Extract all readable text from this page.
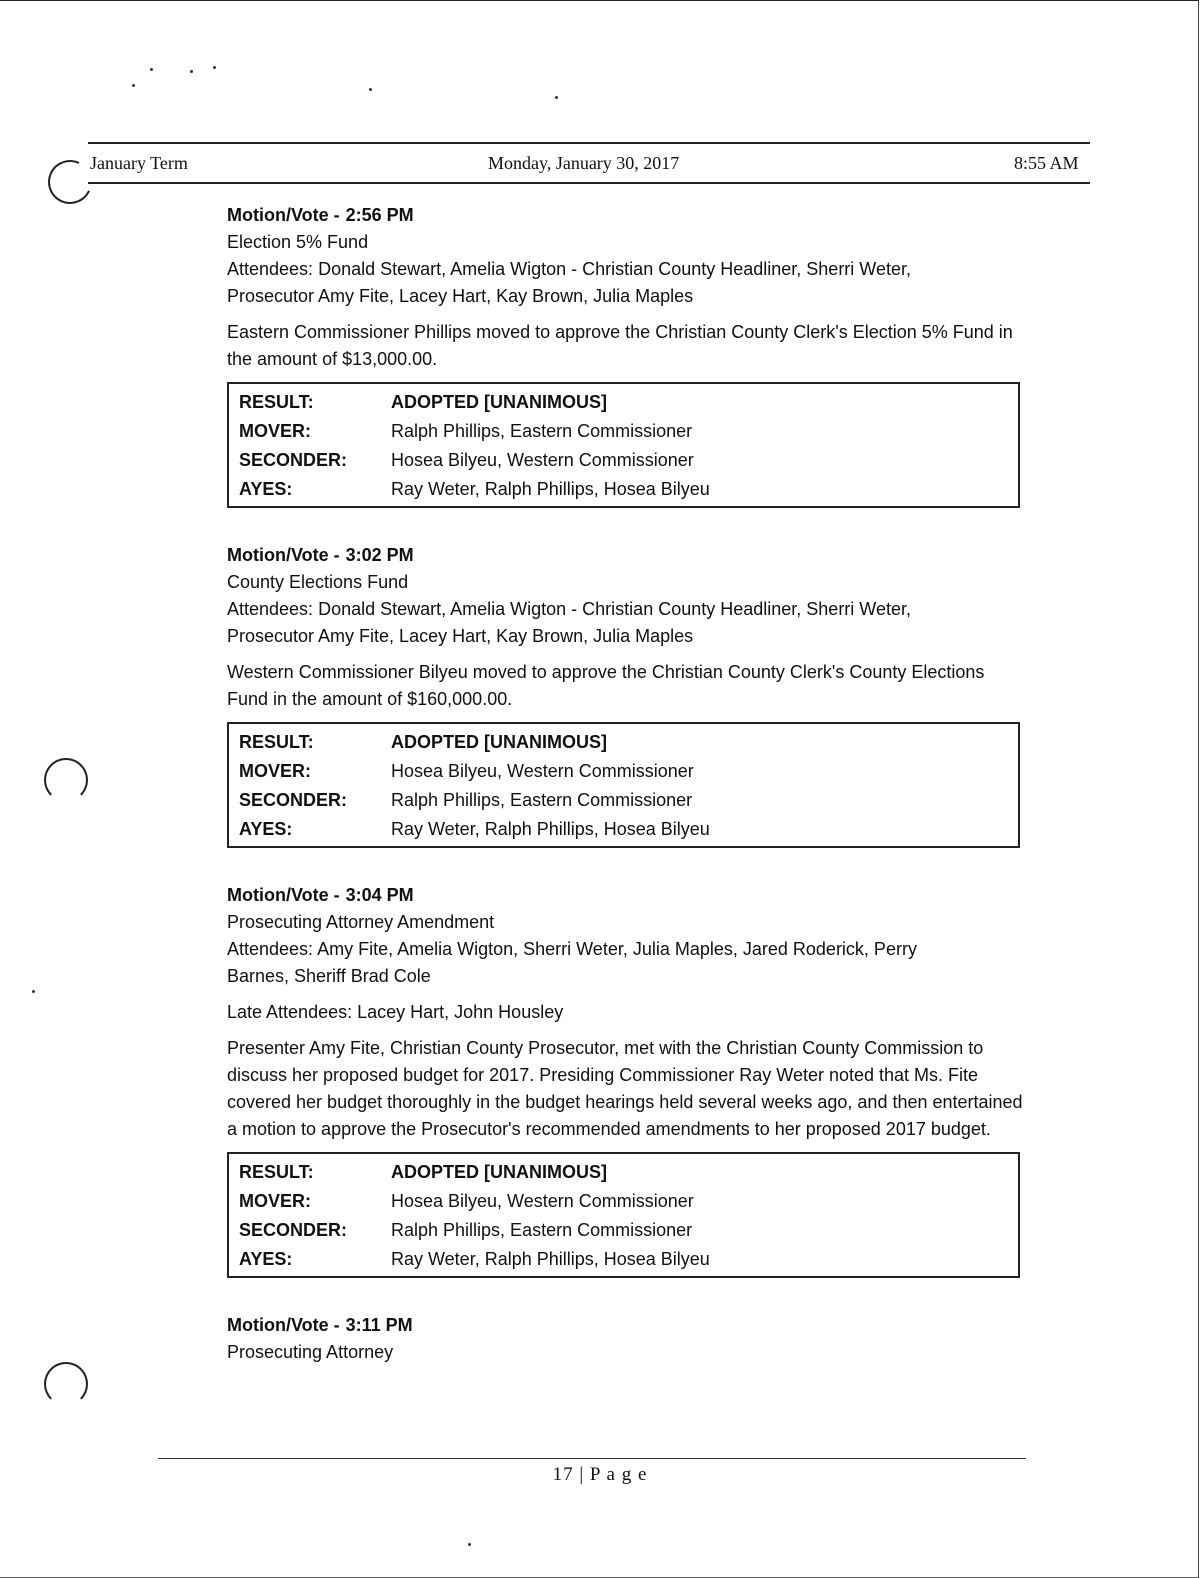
January Term	Monday, January 30, 2017	8:55 AM
Motion/Vote - 2:56 PM
Election 5% Fund
Attendees: Donald Stewart, Amelia Wigton - Christian County Headliner, Sherri Weter,
Prosecutor Amy Fite, Lacey Hart, Kay Brown, Julia Maples
Eastern Commissioner Phillips moved to approve the Christian County Clerk's Election 5% Fund in the amount of $13,000.00.
RESULT:	ADOPTED [UNANIMOUS]
MOVER:	Ralph Phillips, Eastern Commissioner
SECONDER:	Hosea Bilyeu, Western Commissioner
AYES:	Ray Weter, Ralph Phillips, Hosea Bilyeu
Motion/Vote - 3:02 PM
County Elections Fund
Attendees: Donald Stewart, Amelia Wigton - Christian County Headliner, Sherri Weter,
Prosecutor Amy Fite, Lacey Hart, Kay Brown, Julia Maples
Western Commissioner Bilyeu moved to approve the Christian County Clerk's County Elections Fund in the amount of $160,000.00.
RESULT:	ADOPTED [UNANIMOUS]
MOVER:	Hosea Bilyeu, Western Commissioner
SECONDER:	Ralph Phillips, Eastern Commissioner
AYES:	Ray Weter, Ralph Phillips, Hosea Bilyeu
Motion/Vote - 3:04 PM
Prosecuting Attorney Amendment
Attendees: Amy Fite, Amelia Wigton, Sherri Weter, Julia Maples, Jared Roderick, Perry
Barnes, Sheriff Brad Cole
Late Attendees: Lacey Hart, John Housley
Presenter Amy Fite, Christian County Prosecutor, met with the Christian County Commission to discuss her proposed budget for 2017. Presiding Commissioner Ray Weter noted that Ms. Fite covered her budget thoroughly in the budget hearings held several weeks ago, and then entertained a motion to approve the Prosecutor's recommended amendments to her proposed 2017 budget.
RESULT:	ADOPTED [UNANIMOUS]
MOVER:	Hosea Bilyeu, Western Commissioner
SECONDER:	Ralph Phillips, Eastern Commissioner
AYES:	Ray Weter, Ralph Phillips, Hosea Bilyeu
Motion/Vote - 3:11 PM
Prosecuting Attorney
17 | P a g e
